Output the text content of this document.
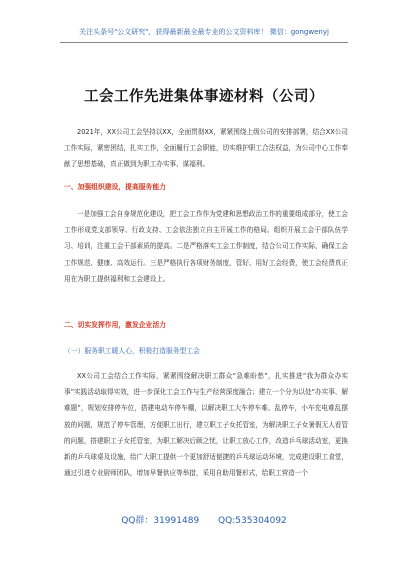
关注头条号"公文研究"，获得最新最全最专业的公文资料库！ 微信：gongwenyj
工会工作先进集体事迹材料（公司）

2021年，XX公司工会坚持以XX，全面贯彻XX，紧紧围绕上级公司的安排部署，结合XX公司工作实际，紧密团结，扎实工作，全面履行工会职能，切实维护职工合法权益，为公司中心工作奉献了思想基础，真正做到为职工办实事、谋福利。

一、加强组织建设，提高服务能力

一是加强工会自身规范化建设，把工会工作作为党建和思想政治工作的重要组成部分，使工会工作形成党支部领导、行政支持、工会依法独立自主开展工作的格局。组织开展工会干部队伍学习、培训，注重工会干部素质的提高。二是严格落实工会工作制度，结合公司工作实际，确保工会工作规范、健康、高效运行。三是严格执行各项财务制度，管好、用好工会经费，使工会经费真正用在为职工提供福利和工会建设上。

二、切实发挥作用，激发企业活力

（一）服务职工暖人心，积极打造服务型工会

XX公司工会结合工作实际，紧紧围绕解决职工群众“急难盼愁”，扎实推进“我为群众办实事”实践活动取得实效，进一步深化工会工作与生产经营深度融合；建立一个分为以处“办实事、解难题”，规划安排停车位，搭建电动车停车棚，以解决职工大车停车难、乱停车，小车充电难乱摆放的问题，规范了停车管理，方便职工出行，建立职工子女托管室，为解决职工子女暑假无人看管的问题，搭建职工子女托管室，为职工解决后顾之忧，让职工放心工作，改造乒乓球活动室，更换新的乒乓球桌及设施，给广大职工提供一个更加舒适便捷的乒乓球运动环境，完成建设职工食堂，通过引进专业厨师团队，增加早餐供应等举措，采用自助用餐形式，给职工营造一个

QQ群：31991489 QQ:535304092
